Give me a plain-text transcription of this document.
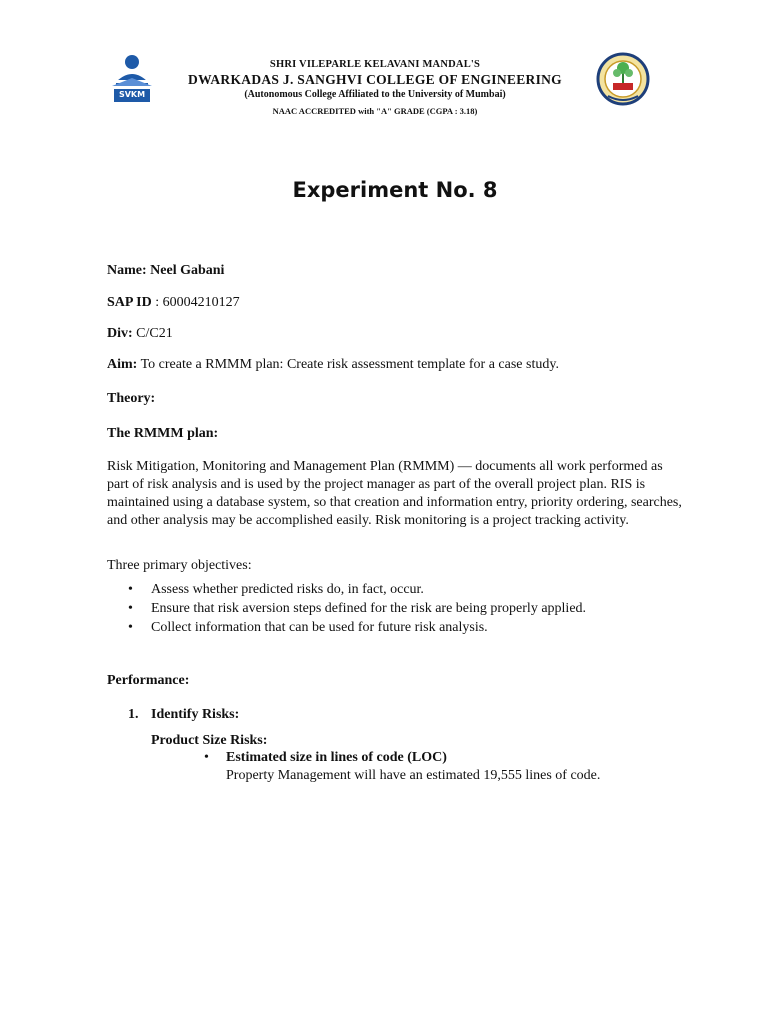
SVKM
SHRI VILEPARLE KELAVANI MANDAL'S
DWARKADAS J. SANGHVI COLLEGE OF ENGINEERING
(Autonomous College Affiliated to the University of Mumbai)
NAAC ACCREDITED with "A" GRADE (CGPA : 3.18)
Experiment No. 8
Name: Neel Gabani
SAP ID : 60004210127
Div: C/C21
Aim: To create a RMMM plan: Create risk assessment template for a case study.
Theory:
The RMMM plan:
Risk Mitigation, Monitoring and Management Plan (RMMM) — documents all work performed as part of risk analysis and is used by the project manager as part of the overall project plan. RIS is maintained using a database system, so that creation and information entry, priority ordering, searches, and other analysis may be accomplished easily. Risk monitoring is a project tracking activity.
Three primary objectives:
• Assess whether predicted risks do, in fact, occur.
• Ensure that risk aversion steps defined for the risk are being properly applied.
• Collect information that can be used for future risk analysis.
Performance:
1. Identify Risks:
Product Size Risks:
• Estimated size in lines of code (LOC)
Property Management will have an estimated 19,555 lines of code.
